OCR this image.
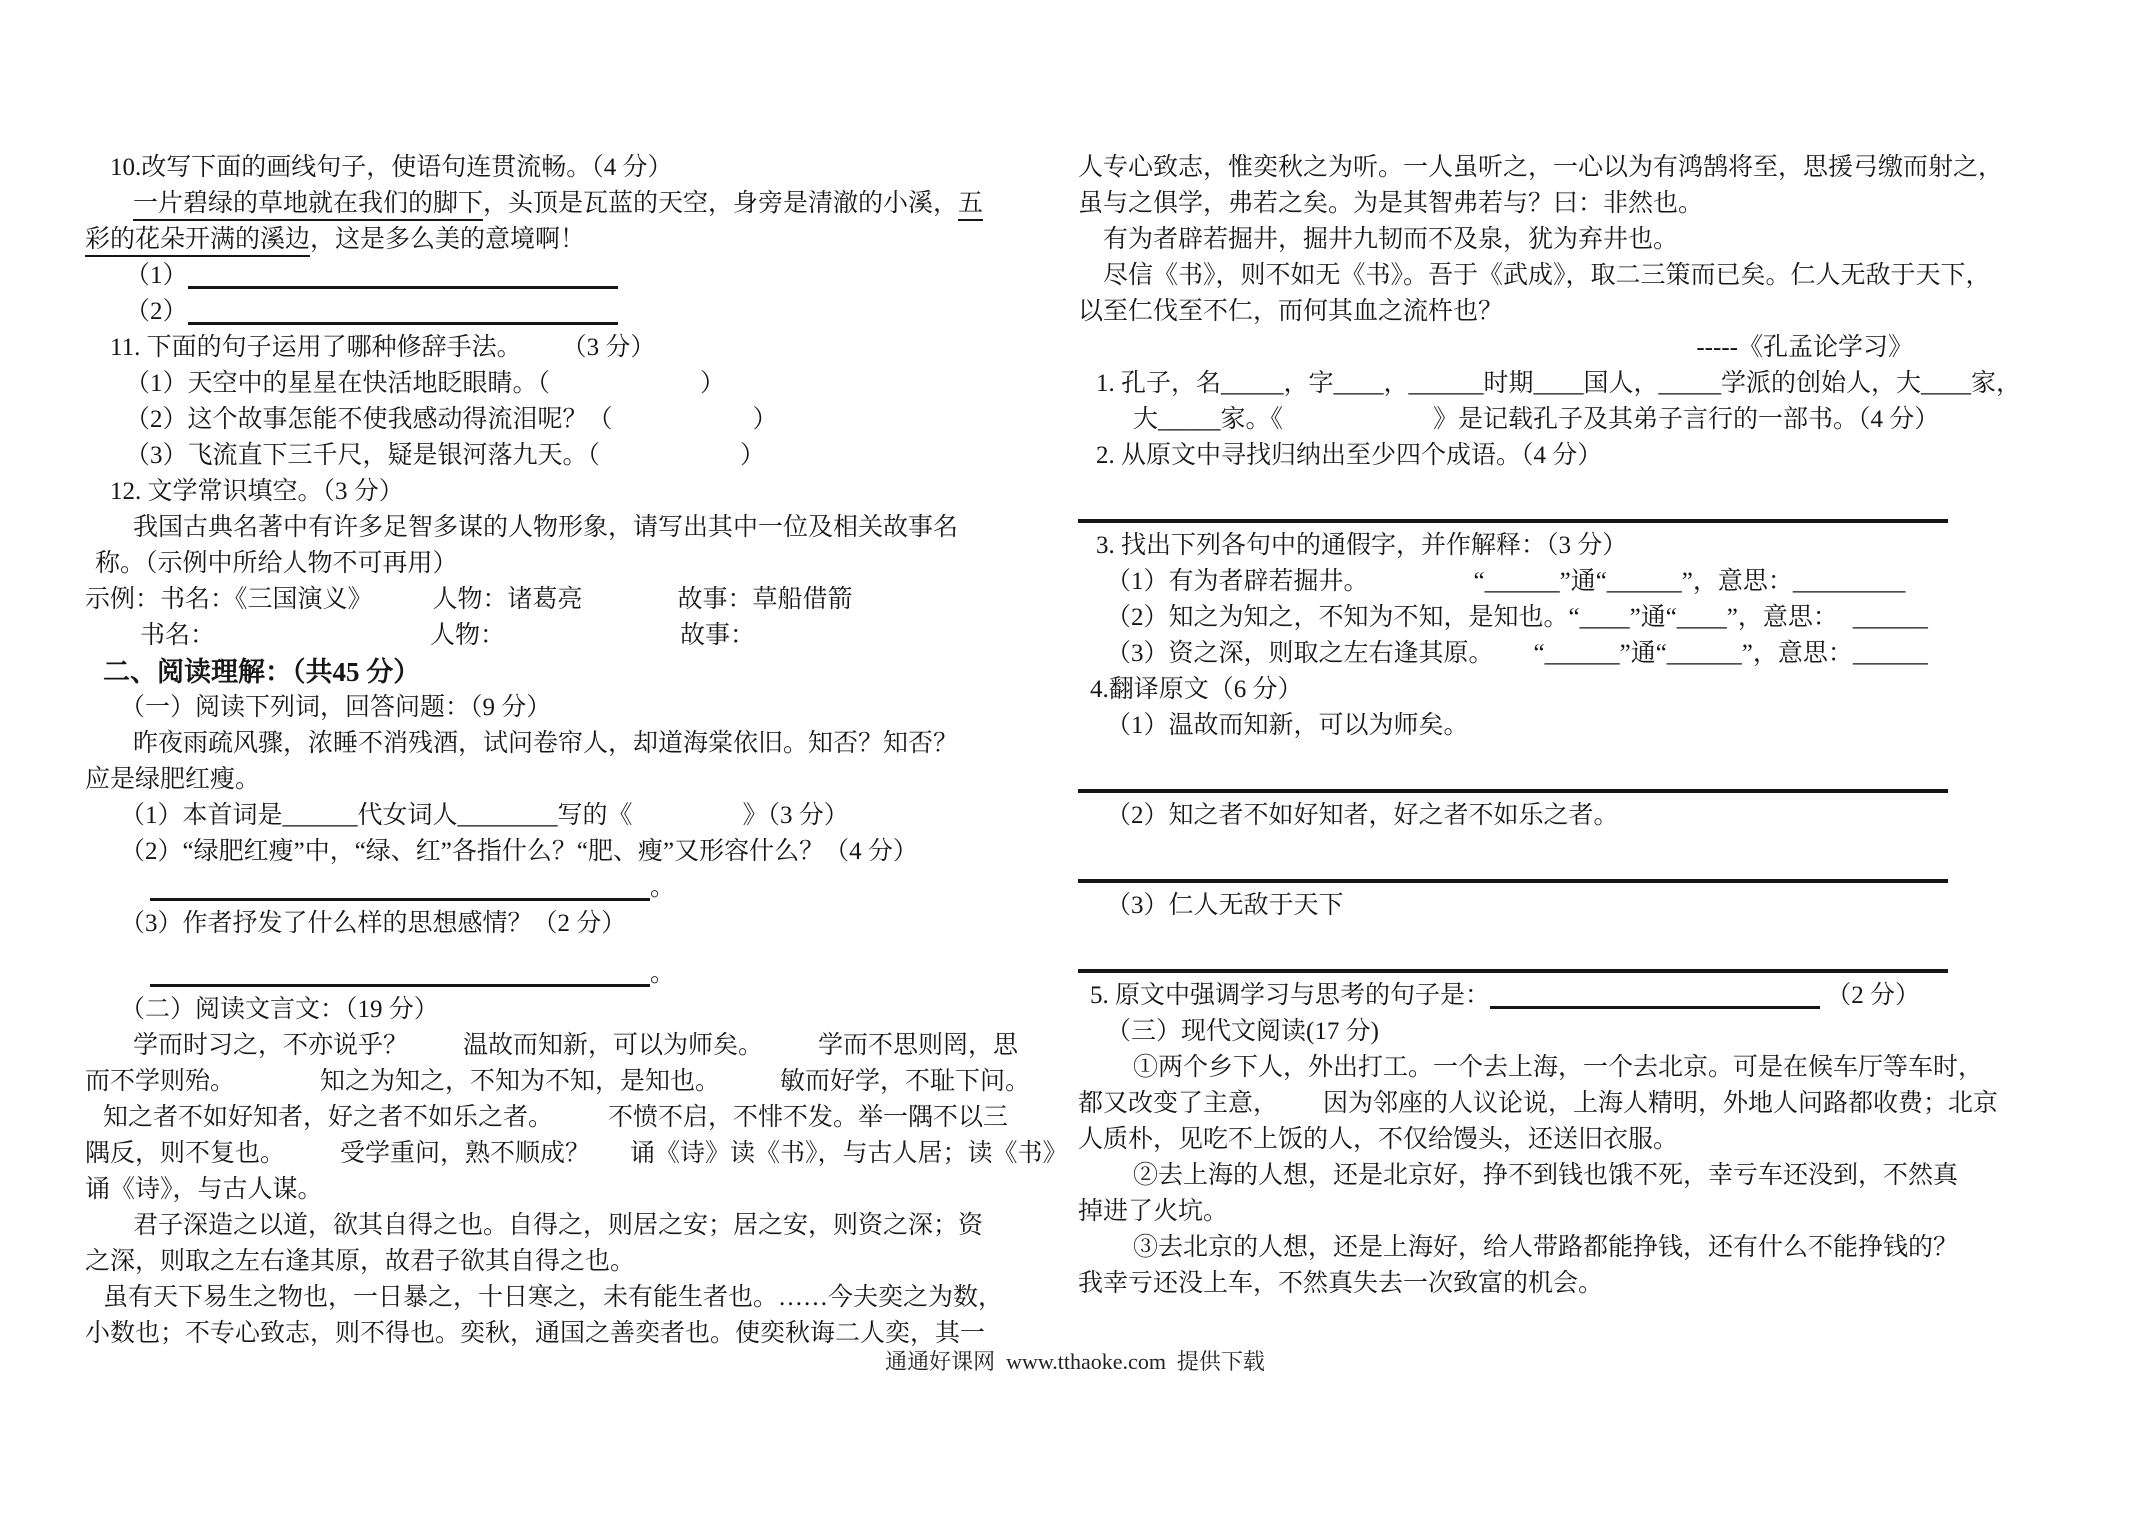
10.改写下面的画线句子，使语句连贯流畅。（4 分）
一片碧绿的草地就在我们的脚下，头顶是瓦蓝的天空，身旁是清澈的小溪，五
彩的花朵开满的溪边，这是多么美的意境啊！
（1）
（2）
11. 下面的句子运用了哪种修辞手法。 （3 分）
（1）天空中的星星在快活地眨眼睛。（	）
（2）这个故事怎能不使我感动得流泪呢？（	）
（3）飞流直下三千尺，疑是银河落九天。（	）
12. 文学常识填空。（3 分）
我国古典名著中有许多足智多谋的人物形象，请写出其中一位及相关故事名
称。（示例中所给人物不可再用）
示例：书名：《三国演义》 人物：诸葛亮	故事：草船借箭
书名：	人物：	故事：
二、阅读理解：（共45 分）
（一）阅读下列词，回答问题：（9 分）
昨夜雨疏风骤，浓睡不消残酒，试问卷帘人，却道海棠依旧。知否？知否？
应是绿肥红瘦。
（1）本首词是______代女词人________写的《	》（3 分）
（2）“绿肥红瘦”中，“绿、红”各指什么？“肥、瘦”又形容什么？（4 分）
。
（3）作者抒发了什么样的思想感情？（2 分）
。
（二）阅读文言文：（19 分）
学而时习之，不亦说乎？ 温故而知新，可以为师矣。 学而不思则罔，思
而不学则殆。	知之为知之，不知为不知，是知也。 敏而好学，不耻下问。
知之者不如好知者，好之者不如乐之者。 不愤不启，不悱不发。举一隅不以三
隅反，则不复也。 受学重问，熟不顺成？ 诵《诗》读《书》，与古人居；读《书》
诵《诗》，与古人谋。
君子深造之以道，欲其自得之也。自得之，则居之安；居之安，则资之深；资
之深，则取之左右逢其原，故君子欲其自得之也。
虽有天下易生之物也，一日暴之，十日寒之，未有能生者也。……今夫奕之为数，
小数也；不专心致志，则不得也。奕秋，通国之善奕者也。使奕秋诲二人奕，其一
人专心致志，惟奕秋之为听。一人虽听之，一心以为有鸿鹄将至，思援弓缴而射之，
虽与之俱学，弗若之矣。为是其智弗若与？曰：非然也。
有为者辟若掘井，掘井九韧而不及泉，犹为弃井也。
尽信《书》，则不如无《书》。吾于《武成》，取二三策而已矣。仁人无敌于天下，
以至仁伐至不仁，而何其血之流杵也？
-----《孔孟论学习》
1. 孔子，名_____，字____，______时期____国人，_____学派的创始人，大____家，
大_____家。《	》是记载孔子及其弟子言行的一部书。（4 分）
2. 从原文中寻找归纳出至少四个成语。（4 分）
3. 找出下列各句中的通假字，并作解释：（3 分）
（1）有为者辟若掘井。	“______”通“______”，意思：_________
（2）知之为知之，不知为不知，是知也。“____”通“____”，意思： ______
（3）资之深，则取之左右逢其原。 “______”通“______”，意思：______
4.翻译原文（6 分）
（1）温故而知新，可以为师矣。
（2）知之者不如好知者，好之者不如乐之者。
（3）仁人无敌于天下
5. 原文中强调学习与思考的句子是：	（2 分）
（三）现代文阅读(17 分)
①两个乡下人，外出打工。一个去上海，一个去北京。可是在候车厅等车时，
都又改变了主意， 因为邻座的人议论说，上海人精明，外地人问路都收费；北京
人质朴，见吃不上饭的人，不仅给馒头，还送旧衣服。
②去上海的人想，还是北京好，挣不到钱也饿不死，幸亏车还没到，不然真
掉进了火坑。
③去北京的人想，还是上海好，给人带路都能挣钱，还有什么不能挣钱的？
我幸亏还没上车，不然真失去一次致富的机会。
通通好课网  www.tthaoke.com  提供下载
